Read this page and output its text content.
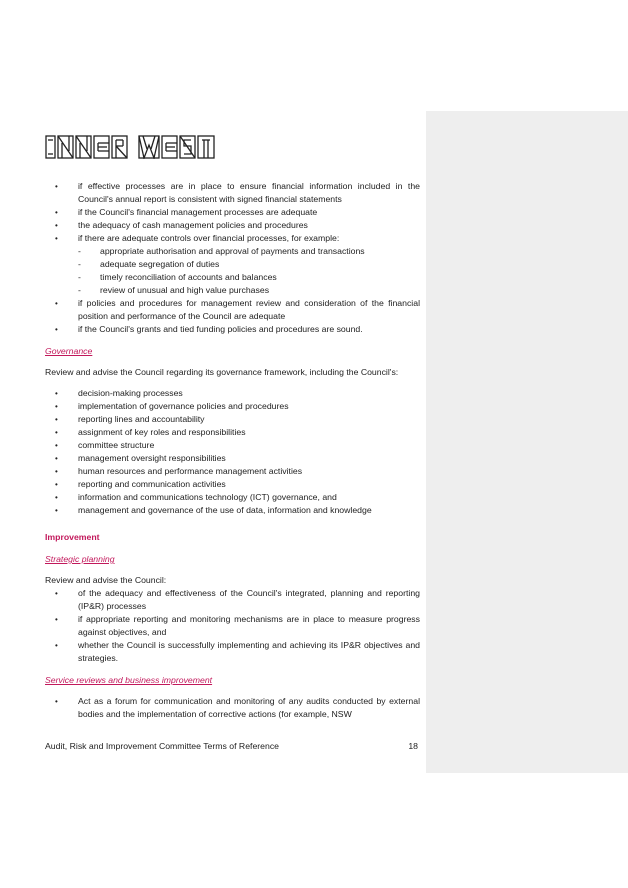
• if effective processes are in place to ensure financial information included in the Council's annual report is consistent with signed financial statements
• if the Council's financial management processes are adequate
• the adequacy of cash management policies and procedures
• if there are adequate controls over financial processes, for example:
- appropriate authorisation and approval of payments and transactions
- adequate segregation of duties
- timely reconciliation of accounts and balances
- review of unusual and high value purchases
• if policies and procedures for management review and consideration of the financial position and performance of the Council are adequate
• if the Council's grants and tied funding policies and procedures are sound.

Governance

Review and advise the Council regarding its governance framework, including the Council's:

• decision-making processes
• implementation of governance policies and procedures
• reporting lines and accountability
• assignment of key roles and responsibilities
• committee structure
• management oversight responsibilities
• human resources and performance management activities
• reporting and communication activities
• information and communications technology (ICT) governance, and
• management and governance of the use of data, information and knowledge

Improvement

Strategic planning

Review and advise the Council:

• of the adequacy and effectiveness of the Council's integrated, planning and reporting (IP&R) processes
• if appropriate reporting and monitoring mechanisms are in place to measure progress against objectives, and
• whether the Council is successfully implementing and achieving its IP&R objectives and strategies.

Service reviews and business improvement

• Act as a forum for communication and monitoring of any audits conducted by external bodies and the implementation of corrective actions (for example, NSW
Audit, Risk and Improvement Committee Terms of Reference	18
